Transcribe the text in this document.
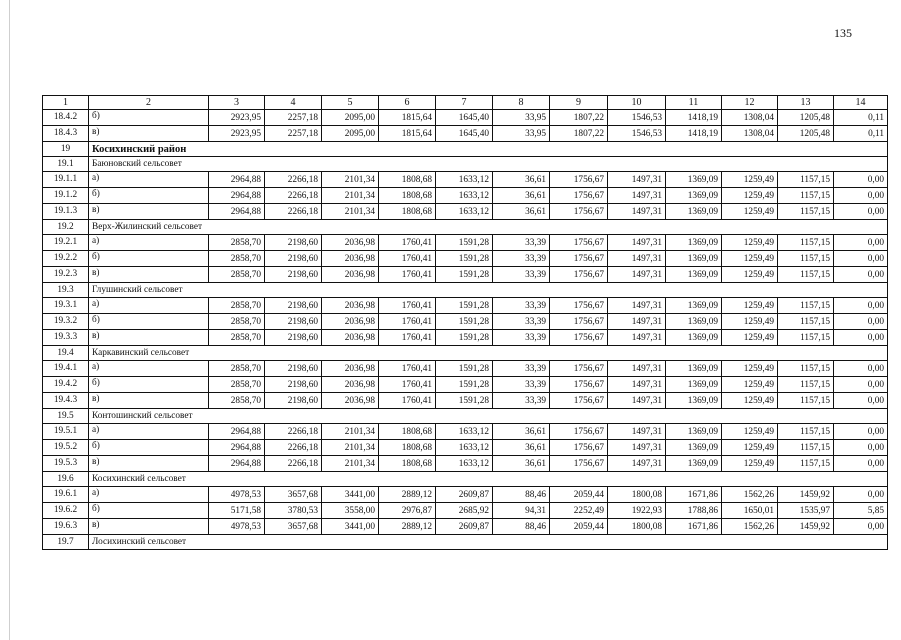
135
1	2	3	4	5	6	7	8	9	10	11	12	13	14
18.4.2	б)	2923,95	2257,18	2095,00	1815,64	1645,40	33,95	1807,22	1546,53	1418,19	1308,04	1205,48	0,11
18.4.3	в)	2923,95	2257,18	2095,00	1815,64	1645,40	33,95	1807,22	1546,53	1418,19	1308,04	1205,48	0,11
19	Косихинский район												
19.1	Баюновский сельсовет												
19.1.1	а)	2964,88	2266,18	2101,34	1808,68	1633,12	36,61	1756,67	1497,31	1369,09	1259,49	1157,15	0,00
19.1.2	б)	2964,88	2266,18	2101,34	1808,68	1633,12	36,61	1756,67	1497,31	1369,09	1259,49	1157,15	0,00
19.1.3	в)	2964,88	2266,18	2101,34	1808,68	1633,12	36,61	1756,67	1497,31	1369,09	1259,49	1157,15	0,00
19.2	Верх-Жилинский сельсовет												
19.2.1	а)	2858,70	2198,60	2036,98	1760,41	1591,28	33,39	1756,67	1497,31	1369,09	1259,49	1157,15	0,00
19.2.2	б)	2858,70	2198,60	2036,98	1760,41	1591,28	33,39	1756,67	1497,31	1369,09	1259,49	1157,15	0,00
19.2.3	в)	2858,70	2198,60	2036,98	1760,41	1591,28	33,39	1756,67	1497,31	1369,09	1259,49	1157,15	0,00
19.3	Глушинский сельсовет												
19.3.1	а)	2858,70	2198,60	2036,98	1760,41	1591,28	33,39	1756,67	1497,31	1369,09	1259,49	1157,15	0,00
19.3.2	б)	2858,70	2198,60	2036,98	1760,41	1591,28	33,39	1756,67	1497,31	1369,09	1259,49	1157,15	0,00
19.3.3	в)	2858,70	2198,60	2036,98	1760,41	1591,28	33,39	1756,67	1497,31	1369,09	1259,49	1157,15	0,00
19.4	Каркавинский сельсовет												
19.4.1	а)	2858,70	2198,60	2036,98	1760,41	1591,28	33,39	1756,67	1497,31	1369,09	1259,49	1157,15	0,00
19.4.2	б)	2858,70	2198,60	2036,98	1760,41	1591,28	33,39	1756,67	1497,31	1369,09	1259,49	1157,15	0,00
19.4.3	в)	2858,70	2198,60	2036,98	1760,41	1591,28	33,39	1756,67	1497,31	1369,09	1259,49	1157,15	0,00
19.5	Контошинский сельсовет												
19.5.1	а)	2964,88	2266,18	2101,34	1808,68	1633,12	36,61	1756,67	1497,31	1369,09	1259,49	1157,15	0,00
19.5.2	б)	2964,88	2266,18	2101,34	1808,68	1633,12	36,61	1756,67	1497,31	1369,09	1259,49	1157,15	0,00
19.5.3	в)	2964,88	2266,18	2101,34	1808,68	1633,12	36,61	1756,67	1497,31	1369,09	1259,49	1157,15	0,00
19.6	Косихинский сельсовет												
19.6.1	а)	4978,53	3657,68	3441,00	2889,12	2609,87	88,46	2059,44	1800,08	1671,86	1562,26	1459,92	0,00
19.6.2	б)	5171,58	3780,53	3558,00	2976,87	2685,92	94,31	2252,49	1922,93	1788,86	1650,01	1535,97	5,85
19.6.3	в)	4978,53	3657,68	3441,00	2889,12	2609,87	88,46	2059,44	1800,08	1671,86	1562,26	1459,92	0,00
19.7	Лосихинский сельсовет												
